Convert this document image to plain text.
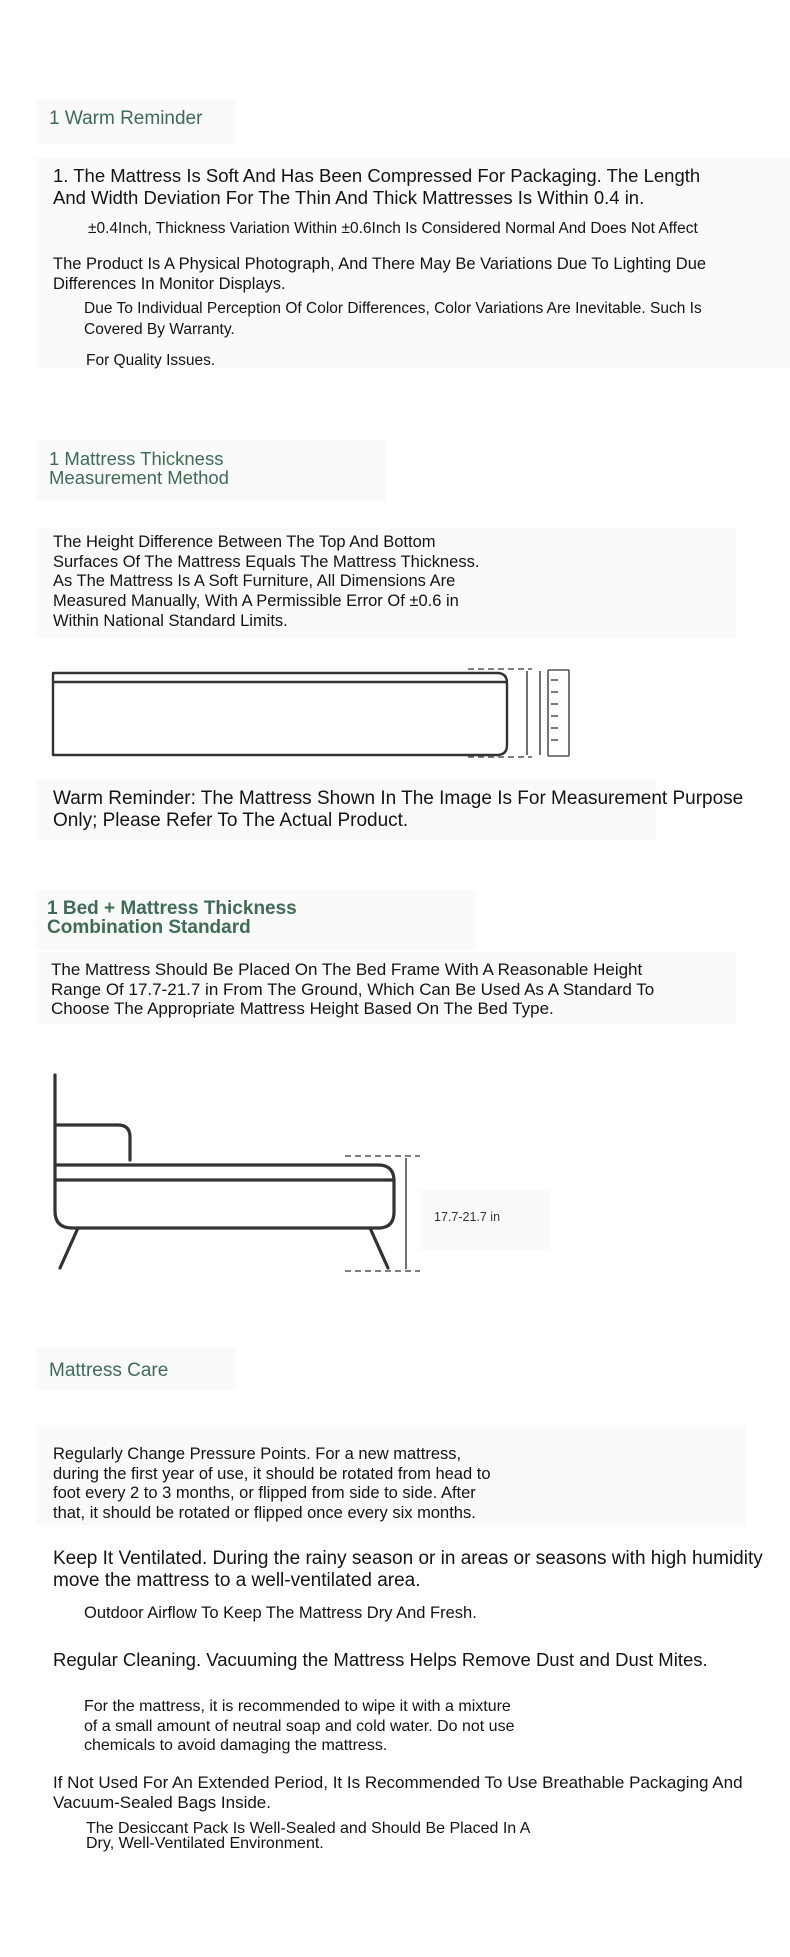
1 Warm Reminder
1. The Mattress Is Soft And Has Been Compressed For Packaging. The Length
And Width Deviation For The Thin And Thick Mattresses Is Within 0.4 in.
±0.4Inch, Thickness Variation Within ±0.6Inch Is Considered Normal And Does Not Affect
The Product Is A Physical Photograph, And There May Be Variations Due To Lighting Due
Differences In Monitor Displays.
Due To Individual Perception Of Color Differences, Color Variations Are Inevitable. Such Is
Covered By Warranty.
For Quality Issues.
1 Mattress Thickness
Measurement Method
The Height Difference Between The Top And Bottom
Surfaces Of The Mattress Equals The Mattress Thickness.
As The Mattress Is A Soft Furniture, All Dimensions Are
Measured Manually, With A Permissible Error Of ±0.6 in
Within National Standard Limits.
Warm Reminder: The Mattress Shown In The Image Is For Measurement Purpose
Only; Please Refer To The Actual Product.
1 Bed + Mattress Thickness
Combination Standard
The Mattress Should Be Placed On The Bed Frame With A Reasonable Height
Range Of 17.7-21.7 in From The Ground, Which Can Be Used As A Standard To
Choose The Appropriate Mattress Height Based On The Bed Type.
17.7-21.7 in
Mattress Care
Regularly Change Pressure Points. For a new mattress,
during the first year of use, it should be rotated from head to
foot every 2 to 3 months, or flipped from side to side. After
that, it should be rotated or flipped once every six months.
Keep It Ventilated. During the rainy season or in areas or seasons with high humidity
move the mattress to a well-ventilated area.
Outdoor Airflow To Keep The Mattress Dry And Fresh.
Regular Cleaning. Vacuuming the Mattress Helps Remove Dust and Dust Mites.
For the mattress, it is recommended to wipe it with a mixture
of a small amount of neutral soap and cold water. Do not use
chemicals to avoid damaging the mattress.
If Not Used For An Extended Period, It Is Recommended To Use Breathable Packaging And
Vacuum-Sealed Bags Inside.
The Desiccant Pack Is Well-Sealed and Should Be Placed In A
Dry, Well-Ventilated Environment.
